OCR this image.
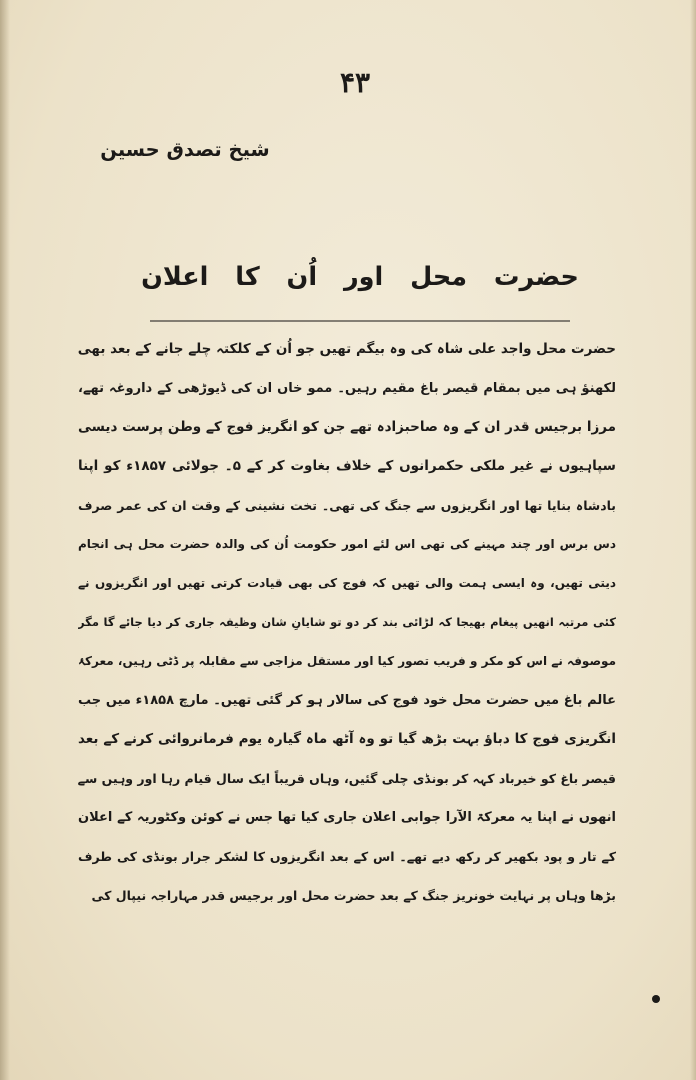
۴۳
شیخ تصدق حسین
حضرت محل اور اُن کا اعلان
حضرت محل واجد علی شاہ کی وہ بیگم تھیں جو اُن کے کلکتہ چلے جانے کے بعد بھی
لکھنؤ ہی میں بمقام قیصر باغ مقیم رہیں۔ ممو خاں ان کی ڈیوڑھی کے داروغہ تھے،
مرزا برجیس قدر ان کے وہ صاحبزادہ تھے جن کو انگریز فوج کے وطن پرست دیسی
سپاہیوں نے غیر ملکی حکمرانوں کے خلاف بغاوت کر کے ۵۔ جولائی ۱۸۵۷ء کو اپنا
بادشاہ بنایا تھا اور انگریزوں سے جنگ کی تھی۔ تخت نشینی کے وقت ان کی عمر صرف
دس برس اور چند مہینے کی تھی اس لئے امور حکومت اُن کی والدہ حضرت محل ہی انجام
دیتی تھیں، وہ ایسی ہمت والی تھیں کہ فوج کی بھی قیادت کرتی تھیں اور انگریزوں نے
کئی مرتبہ انھیں پیغام بھیجا کہ لڑائی بند کر دو تو شایانِ شان وظیفہ جاری کر دیا جائے گا مگر
موصوفہ نے اس کو مکر و فریب تصور کیا اور مستقل مزاجی سے مقابلہ پر ڈٹی رہیں، معرکۂ
عالم باغ میں حضرت محل خود فوج کی سالار ہو کر گئی تھیں۔ مارچ ۱۸۵۸ء میں جب
انگریزی فوج کا دباؤ بہت بڑھ گیا تو وہ آٹھ ماہ گیارہ یوم فرمانروائی کرنے کے بعد
قیصر باغ کو خیرباد کہہ کر بونڈی چلی گئیں، وہاں قریباً ایک سال قیام رہا اور وہیں سے
انھوں نے اپنا یہ معرکۃ الآرا جوابی اعلان جاری کیا تھا جس نے کوئن وکٹوریہ کے اعلان
کے تار و پود بکھیر کر رکھ دیے تھے۔ اس کے بعد انگریزوں کا لشکر جرار بونڈی کی طرف
بڑھا وہاں پر نہایت خونریز جنگ کے بعد حضرت محل اور برجیس قدر مہاراجہ نیپال کی
